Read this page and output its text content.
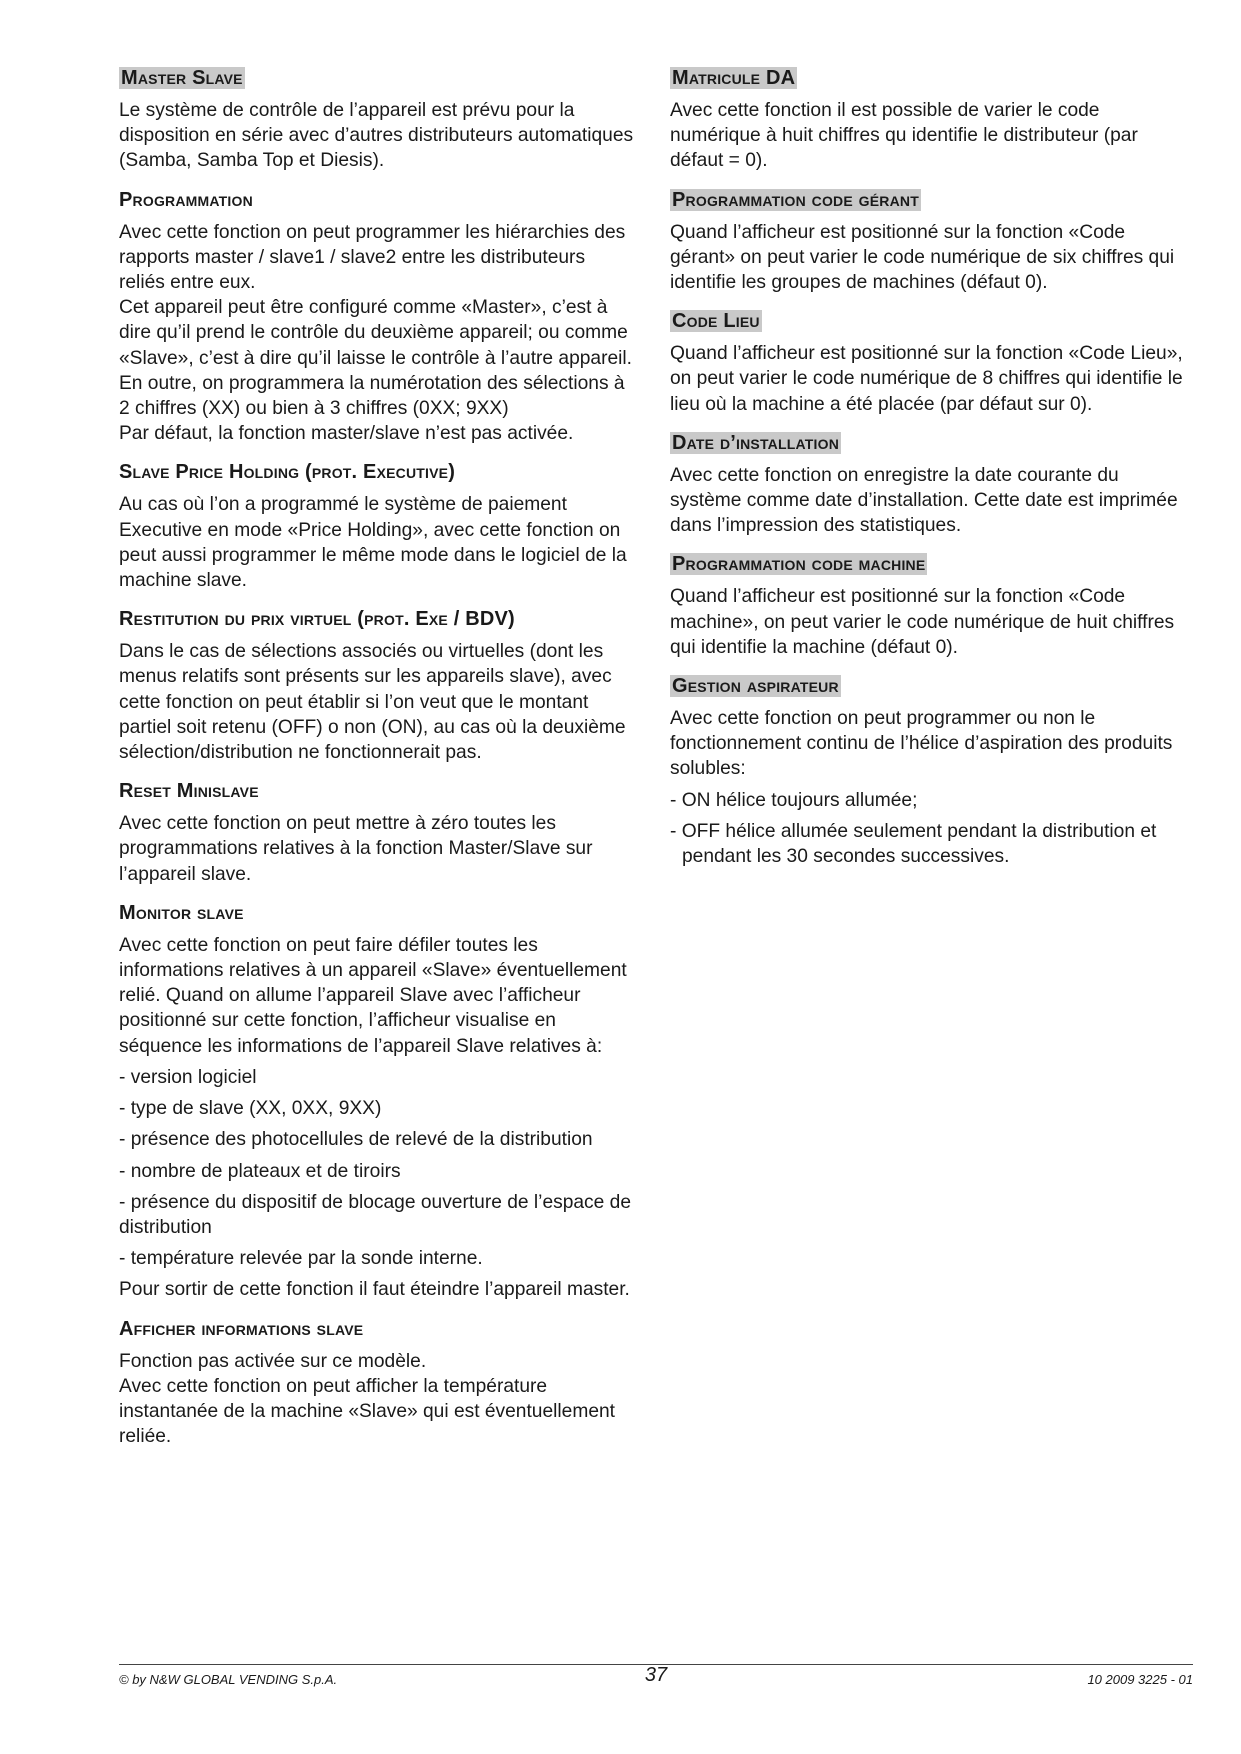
Master Slave

Le système de contrôle de l’appareil est prévu pour la disposition en série avec d’autres distributeurs automatiques (Samba, Samba Top et Diesis).

Programmation

Avec cette fonction on peut programmer les hiérarchies des rapports master / slave1 / slave2 entre les distributeurs reliés entre eux.

Cet appareil peut être configuré comme «Master», c’est à dire qu’il prend le contrôle du deuxième appareil; ou comme «Slave», c’est à dire qu’il laisse le contrôle à l’autre appareil.

En outre, on programmera la numérotation des sélections à 2 chiffres (XX) ou bien à 3 chiffres (0XX; 9XX)

Par défaut, la fonction master/slave n’est pas activée.

Slave Price Holding (prot. Executive)

Au cas où l’on a programmé le système de paiement Executive en mode «Price Holding», avec cette fonction on peut aussi programmer le même mode dans le logiciel de la machine slave.

Restitution du prix virtuel (prot. Exe / BDV)

Dans le cas de sélections associés ou virtuelles (dont les menus relatifs sont présents sur les appareils slave), avec cette fonction on peut établir si l’on veut que le montant partiel soit retenu (OFF) o non (ON), au cas où la deuxième sélection/distribution ne fonctionnerait pas.

Reset Minislave

Avec cette fonction on peut mettre à zéro toutes les programmations relatives à la fonction Master/Slave sur l’appareil slave.

Monitor slave

Avec cette fonction on peut faire défiler toutes les informations relatives à un appareil «Slave» éventuellement relié. Quand on allume l’appareil Slave avec l’afficheur positionné sur cette fonction, l’afficheur visualise en séquence les informations de l’appareil Slave relatives à:

- version logiciel

- type de slave (XX, 0XX, 9XX)

- présence des photocellules de relevé de la distribution

- nombre de plateaux et de tiroirs

- présence du dispositif de blocage ouverture de l’espace de distribution

- température relevée par la sonde interne.

Pour sortir de cette fonction il faut éteindre l’appareil master.

Afficher informations slave

Fonction pas activée sur ce modèle.

Avec cette fonction on peut afficher la température instantanée de la machine «Slave» qui est éventuellement reliée.

Matricule DA

Avec cette fonction il est possible de varier le code numérique à huit chiffres qu identifie le distributeur (par défaut = 0).

Programmation code gérant

Quand l’afficheur est positionné sur la fonction «Code gérant» on peut varier le code numérique de six chiffres qui identifie les groupes de machines (défaut 0).

Code Lieu

Quand l’afficheur est positionné sur la fonction «Code Lieu», on peut varier le code numérique de 8 chiffres qui identifie le lieu où la machine a été placée (par défaut sur 0).

Date d’installation

Avec cette fonction on enregistre la date courante du système comme date d’installation. Cette date est imprimée dans l’impression des statistiques.

Programmation code machine

Quand l’afficheur est positionné sur la fonction «Code machine», on peut varier le code numérique de huit chiffres qui identifie la machine (défaut 0).

Gestion aspirateur

Avec cette fonction on peut programmer ou non le fonctionnement continu de l’hélice d’aspiration des produits solubles:

- ON hélice toujours allumée;

- OFF hélice allumée seulement pendant la distribution et pendant les 30 secondes successives.

© by N&W GLOBAL VENDING S.p.A.	37	10 2009 3225 - 01
